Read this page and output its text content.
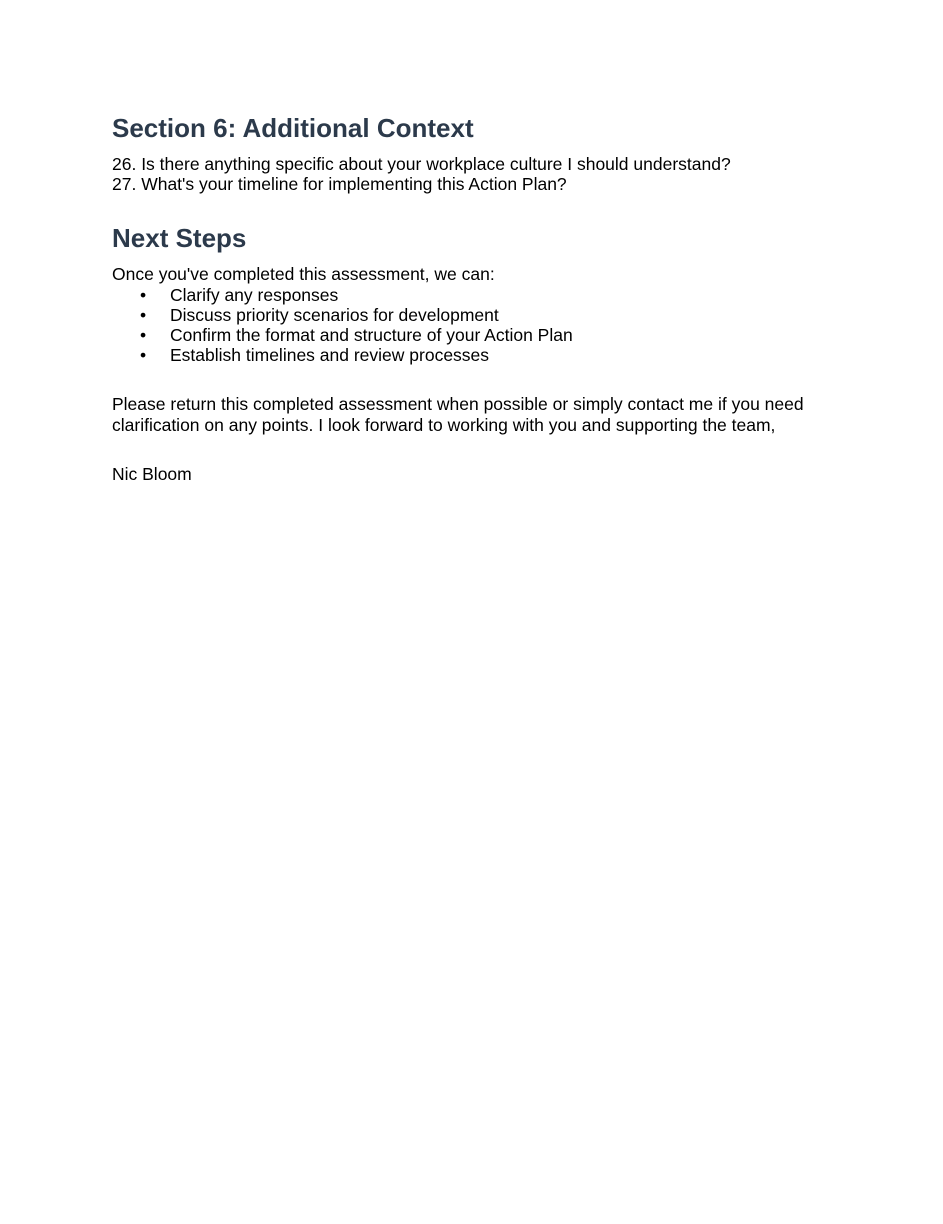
Section 6: Additional Context

26. Is there anything specific about your workplace culture I should understand?

27. What's your timeline for implementing this Action Plan?

Next Steps

Once you've completed this assessment, we can:

• Clarify any responses
• Discuss priority scenarios for development
• Confirm the format and structure of your Action Plan
• Establish timelines and review processes

Please return this completed assessment when possible or simply contact me if you need

clarification on any points. I look forward to working with you and supporting the team,

Nic Bloom
